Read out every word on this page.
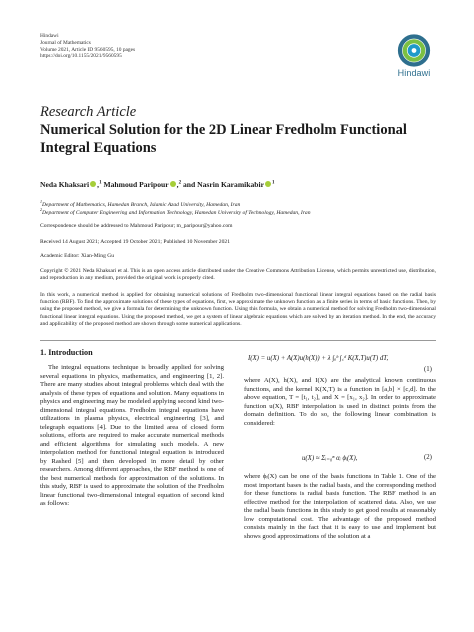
Hindawi
Journal of Mathematics
Volume 2021, Article ID 9560595, 10 pages
https://doi.org/10.1155/2021/9560595
Hindawi
Research Article
Numerical Solution for the 2D Linear Fredholm Functional Integral Equations
Neda Khaksari ,$^1$ Mahmoud Paripour ,$^2$ and Nasrin Karamikabir $^1$
$^1$Department of Mathematics, Hamedan Branch, Islamic Azad University, Hamedan, Iran
$^2$Department of Computer Engineering and Information Technology, Hamedan University of Technology, Hamedan, Iran
Correspondence should be addressed to Mahmoud Paripour; m_paripour@yahoo.com
Received 14 August 2021; Accepted 19 October 2021; Published 10 November 2021
Academic Editor: Xian-Ming Gu
Copyright © 2021 Neda Khaksari et al. This is an open access article distributed under the Creative Commons Attribution License, which permits unrestricted use, distribution, and reproduction in any medium, provided the original work is properly cited.
In this work, a numerical method is applied for obtaining numerical solutions of Fredholm two-dimensional functional linear integral equations based on the radial basis function (RBF). To find the approximate solutions of these types of equations, first, we approximate the unknown function as a finite series in terms of basic functions. Then, by using the proposed method, we give a formula for determining the unknown function. Using this formula, we obtain a numerical method for solving Fredholm two-dimensional functional linear integral equations. Using the proposed method, we get a system of linear algebraic equations which are solved by an iteration method. In the end, the accuracy and applicability of the proposed method are shown through some numerical applications.
1. Introduction

The integral equations technique is broadly applied for solving several equations in physics, mathematics, and engineering [1, 2]. There are many studies about integral problems which deal with the analysis of these types of equations and solution. Many equations in physics and engineering may be modeled applying second kind two-dimensional integral equations. Fredholm integral equations have utilizations in plasma physics, electrical engineering [3], and telegraph equations [4]. Due to the limited area of closed form solutions, efforts are required to make accurate numerical methods and efficient algorithms for simulating such models. A new interpolation method for functional integral equation is introduced by Rashed [5] and then developed in more detail by other researchers. Among different approaches, the RBF method is one of the best numerical methods for approximation of the solutions. In this study, RBF is used to approximate the solution of the Fredholm linear functional two-dimensional integral equation of second kind as follows:

I(X) = u(X) + A(X)u(h(X)) + λ ∫ₐᵇ ∫꜀ᵈ K(X,T)u(T) dT,
(1)
where A(X), h(X), and I(X) are the analytical known continuous functions, and the kernel K(X,T) is a function in [a,b] × [c,d]. In the above equation, T = [t₁, t₂], and X = [x₁, x₂]. In order to approximate function u(X), RBF interpolation is used in distinct points from the domain definition. To do so, the following linear combination is considered:
u(X) ≈ Σᵢ₌₀ⁿ αᵢ ϕᵢ(X),	(2)
where ϕᵢ(X) can be one of the basis functions in Table 1. One of the most important bases is the radial basis, and the corresponding method for these functions is radial basis function. The RBF method is an effective method for the interpolation of scattered data. Also, we use the radial basis functions in this study to get good results at reasonably low computational cost. The advantage of the proposed method consists mainly in the fact that it is easy to use and implement but shows good approximations of the solution at a
